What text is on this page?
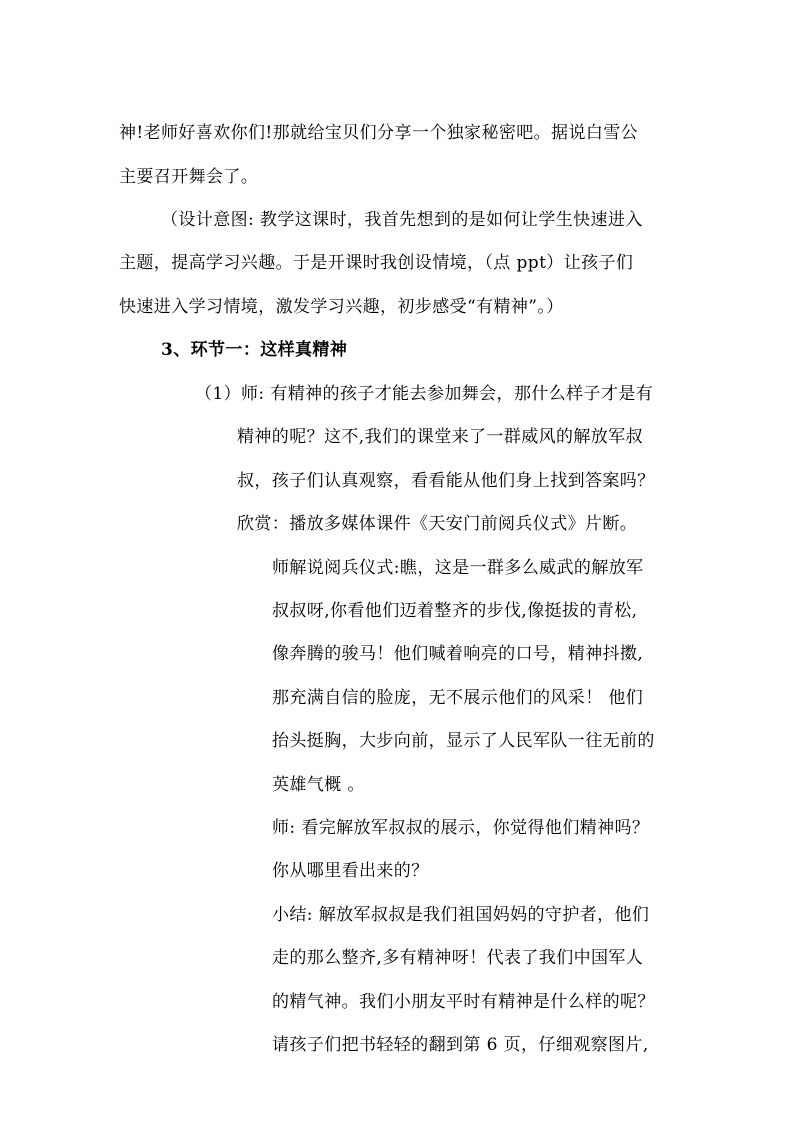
神!老师好喜欢你们!那就给宝贝们分享一个独家秘密吧。据说白雪公

主要召开舞会了。

（设计意图: 教学这课时，我首先想到的是如何让学生快速进入

主题，提高学习兴趣。于是开课时我创设情境，（点 ppt）让孩子们

快速进入学习情境，激发学习兴趣，初步感受“有精神”。）

3、环节一：这样真精神

（1）师: 有精神的孩子才能去参加舞会，那什么样子才是有

精神的呢？这不,我们的课堂来了一群威风的解放军叔

叔，孩子们认真观察，看看能从他们身上找到答案吗？

欣赏：播放多媒体课件《天安门前阅兵仪式》片断。

师解说阅兵仪式:瞧，这是一群多么威武的解放军

叔叔呀,你看他们迈着整齐的步伐,像挺拔的青松,

像奔腾的骏马！他们喊着响亮的口号，精神抖擞,

那充满自信的脸庞，无不展示他们的风采！ 他们

抬头挺胸，大步向前，显示了人民军队一往无前的

英雄气概 。

师: 看完解放军叔叔的展示，你觉得他们精神吗？

你从哪里看出来的？

小结: 解放军叔叔是我们祖国妈妈的守护者，他们

走的那么整齐,多有精神呀！代表了我们中国军人

的精气神。我们小朋友平时有精神是什么样的呢？

请孩子们把书轻轻的翻到第 6 页，仔细观察图片,
